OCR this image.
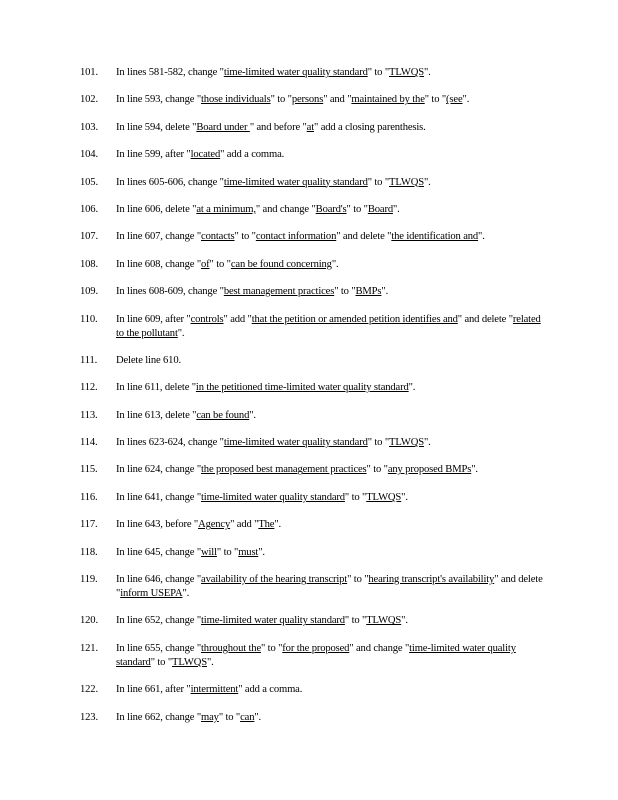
101.	In lines 581-582, change "time-limited water quality standard" to "TLWQS".
102.	In line 593, change "those individuals" to "persons" and "maintained by the" to "(see".
103.	In line 594, delete "Board under " and before "at" add a closing parenthesis.
104.	In line 599, after "located" add a comma.
105.	In lines 605-606, change "time-limited water quality standard" to "TLWQS".
106.	In line 606, delete "at a minimum," and change "Board's" to "Board".
107.	In line 607, change "contacts" to "contact information" and delete "the identification and".
108.	In line 608, change "of" to "can be found concerning".
109.	In lines 608-609, change "best management practices" to "BMPs".
110.	In line 609, after "controls" add "that the petition or amended petition identifies and" and delete "related to the pollutant".
111.	Delete line 610.
112.	In line 611, delete "in the petitioned time-limited water quality standard".
113.	In line 613, delete "can be found".
114.	In lines 623-624, change "time-limited water quality standard" to "TLWQS".
115.	In line 624, change "the proposed best management practices" to "any proposed BMPs".
116.	In line 641, change "time-limited water quality standard" to "TLWQS".
117.	In line 643, before "Agency" add "The".
118.	In line 645, change "will" to "must".
119.	In line 646, change "availability of the hearing transcript" to "hearing transcript's availability" and delete "inform USEPA".
120.	In line 652, change "time-limited water quality standard" to "TLWQS".
121.	In line 655, change "throughout the" to "for the proposed" and change "time-limited water quality standard" to "TLWQS".
122.	In line 661, after "intermittent" add a comma.
123.	In line 662, change "may" to "can".
